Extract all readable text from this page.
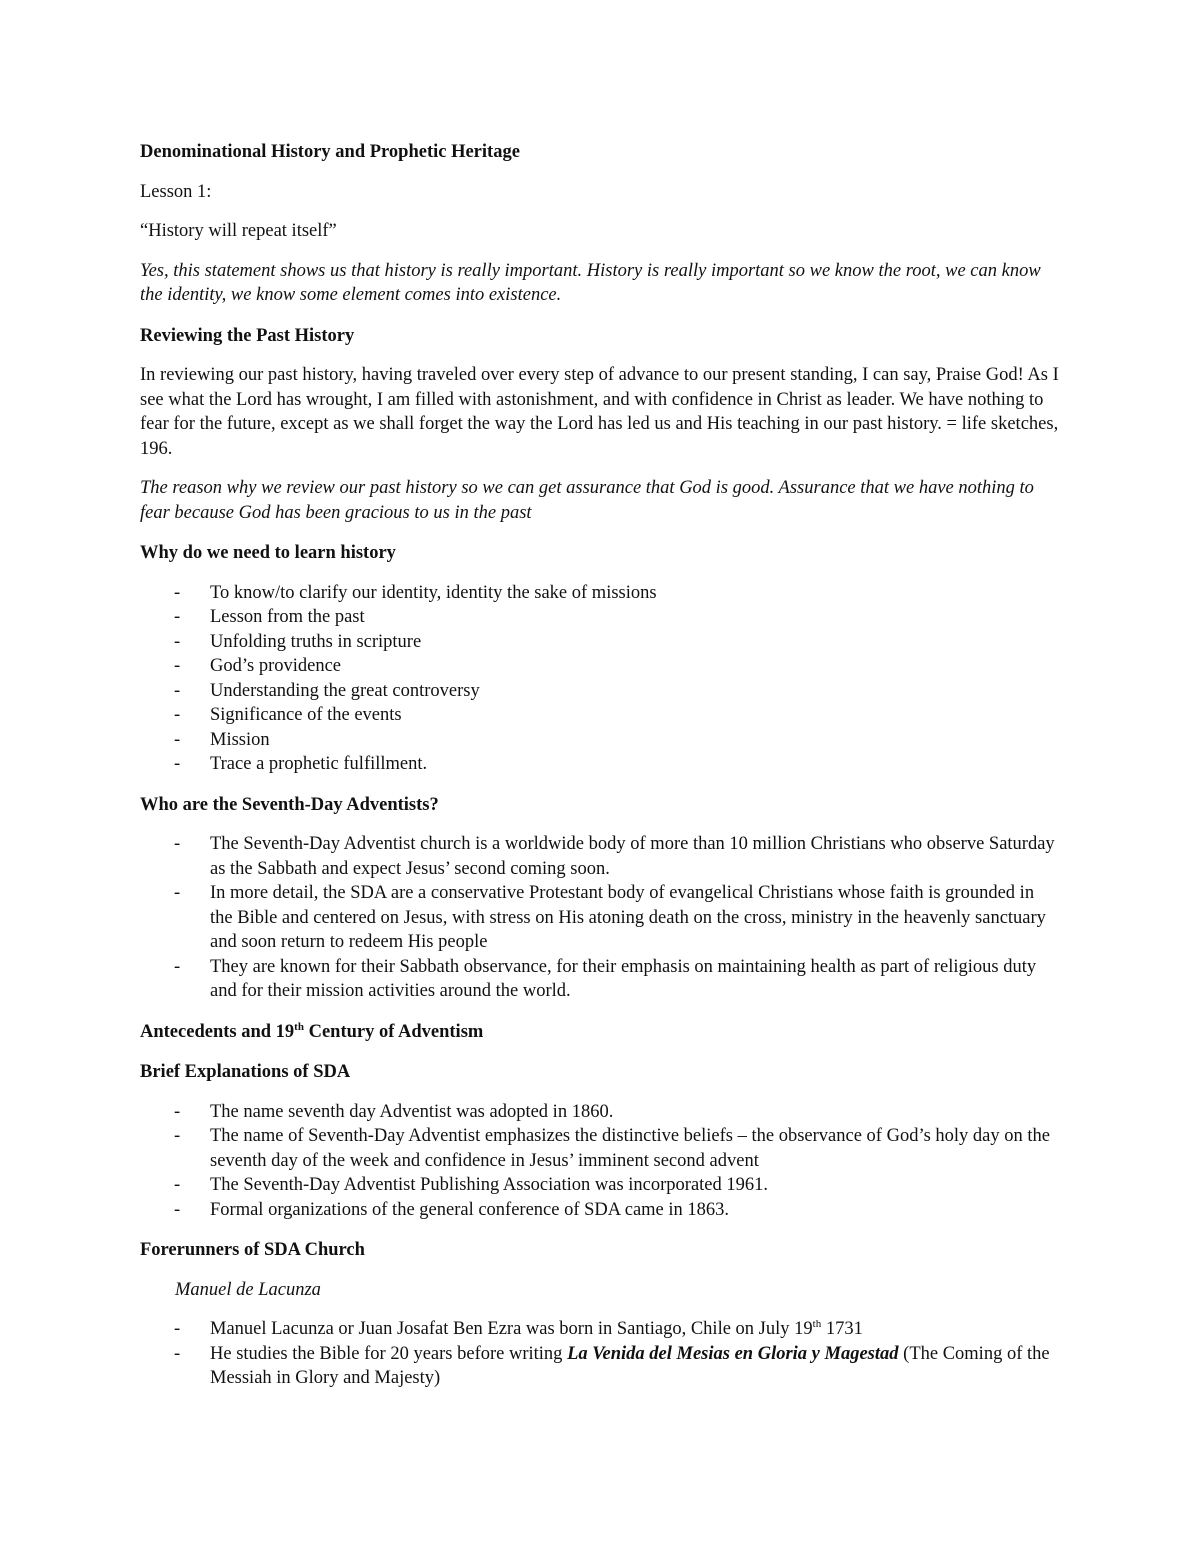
Denominational History and Prophetic Heritage

Lesson 1:

“History will repeat itself”

Yes, this statement shows us that history is really important. History is really important so we know the root, we can know the identity, we know some element comes into existence.

Reviewing the Past History

In reviewing our past history, having traveled over every step of advance to our present standing, I can say, Praise God! As I see what the Lord has wrought, I am filled with astonishment, and with confidence in Christ as leader. We have nothing to fear for the future, except as we shall forget the way the Lord has led us and His teaching in our past history. = life sketches, 196.

The reason why we review our past history so we can get assurance that God is good. Assurance that we have nothing to fear because God has been gracious to us in the past

Why do we need to learn history

- To know/to clarify our identity, identity the sake of missions
- Lesson from the past
- Unfolding truths in scripture
- God’s providence
- Understanding the great controversy
- Significance of the events
- Mission
- Trace a prophetic fulfillment.

Who are the Seventh-Day Adventists?

- The Seventh-Day Adventist church is a worldwide body of more than 10 million Christians who observe Saturday as the Sabbath and expect Jesus’ second coming soon.
- In more detail, the SDA are a conservative Protestant body of evangelical Christians whose faith is grounded in the Bible and centered on Jesus, with stress on His atoning death on the cross, ministry in the heavenly sanctuary and soon return to redeem His people
- They are known for their Sabbath observance, for their emphasis on maintaining health as part of religious duty and for their mission activities around the world.

Antecedents and 19th Century of Adventism

Brief Explanations of SDA

- The name seventh day Adventist was adopted in 1860.
- The name of Seventh-Day Adventist emphasizes the distinctive beliefs – the observance of God’s holy day on the seventh day of the week and confidence in Jesus’ imminent second advent
- The Seventh-Day Adventist Publishing Association was incorporated 1961.
- Formal organizations of the general conference of SDA came in 1863.

Forerunners of SDA Church

Manuel de Lacunza

- Manuel Lacunza or Juan Josafat Ben Ezra was born in Santiago, Chile on July 19th 1731
- He studies the Bible for 20 years before writing La Venida del Mesias en Gloria y Magestad (The Coming of the Messiah in Glory and Majesty)
